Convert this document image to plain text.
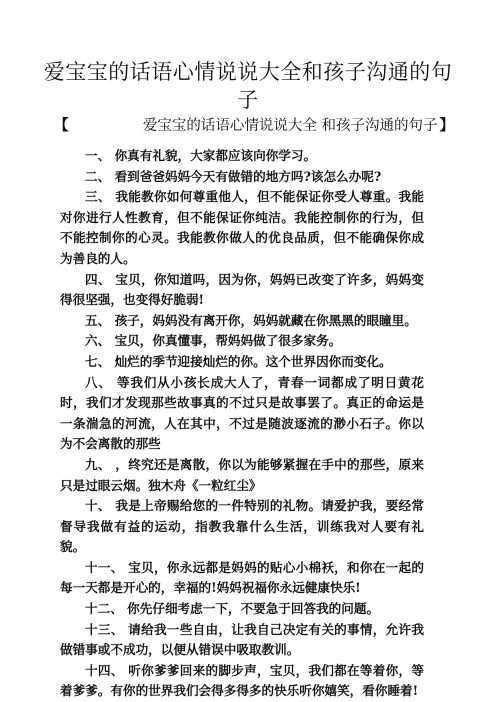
爱宝宝的话语心情说说大全和孩子沟通的句子
【	爱宝宝的话语心情说说大全 和孩子沟通的句子 】

一、 你真有礼貌，大家都应该向你学习。

二、 看到爸爸妈妈今天有做错的地方吗?该怎么办呢?

三、 我能教你如何尊重他人，但不能保证你受人尊重。我能对你进行人性教育，但不能保证你纯洁。我能控制你的行为，但不能控制你的心灵。我能教你做人的优良品质，但不能确保你成为善良的人。

四、 宝贝，你知道吗，因为你，妈妈已改变了许多，妈妈变得很坚强，也变得好脆弱!

五、 孩子，妈妈没有离开你，妈妈就藏在你黑黑的眼瞳里。

六、 宝贝，你真懂事，帮妈妈做了很多家务。

七、 灿烂的季节迎接灿烂的你。这个世界因你而变化。

八、 等我们从小孩长成大人了，青春一词都成了明日黄花时，我们才发现那些故事真的不过只是故事罢了。真正的命运是一条湍急的河流，人在其中，不过是随波逐流的渺小石子。你以为不会离散的那些

九、 ，终究还是离散，你以为能够紧握在手中的那些，原来只是过眼云烟。独木舟《一粒红尘》

十、 我是上帝赐给您的一件特别的礼物。请爱护我，要经常督导我做有益的运动，指教我靠什么生活，训练我对人要有礼貌。

十一、 宝贝，你永远都是妈妈的贴心小棉袄，和你在一起的每一天都是开心的，幸福的!妈妈祝福你永远健康快乐!

十二、 你先仔细考虑一下，不要急于回答我的问题。

十三、 请给我一些自由，让我自己决定有关的事情，允许我做错事或不成功，以便从错误中吸取教训。

十四、 听你爹爹回来的脚步声，宝贝，我们都在等着你，等着爹爹。有你的世界我们会得多得多的快乐听你嬉笑，看你睡着!
